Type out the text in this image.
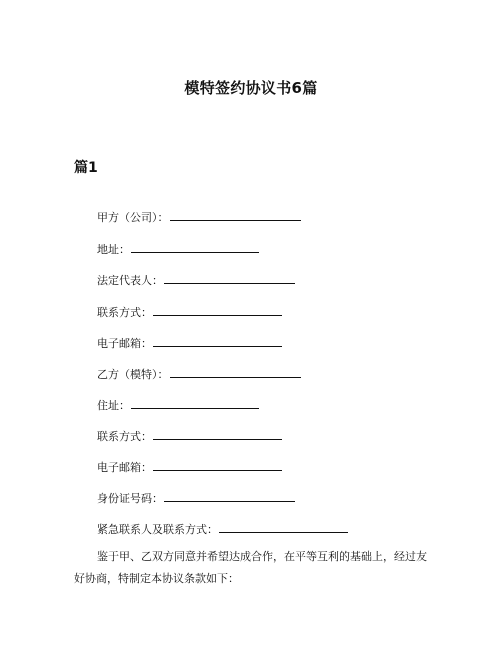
模特签约协议书6篇
篇1
甲方（公司）：
地址：
法定代表人：
联系方式：
电子邮箱：
乙方（模特）：
住址：
联系方式：
电子邮箱：
身份证号码：
紧急联系人及联系方式：
鉴于甲、乙双方同意并希望达成合作，在平等互利的基础上，经过友好协商，特制定本协议条款如下：
